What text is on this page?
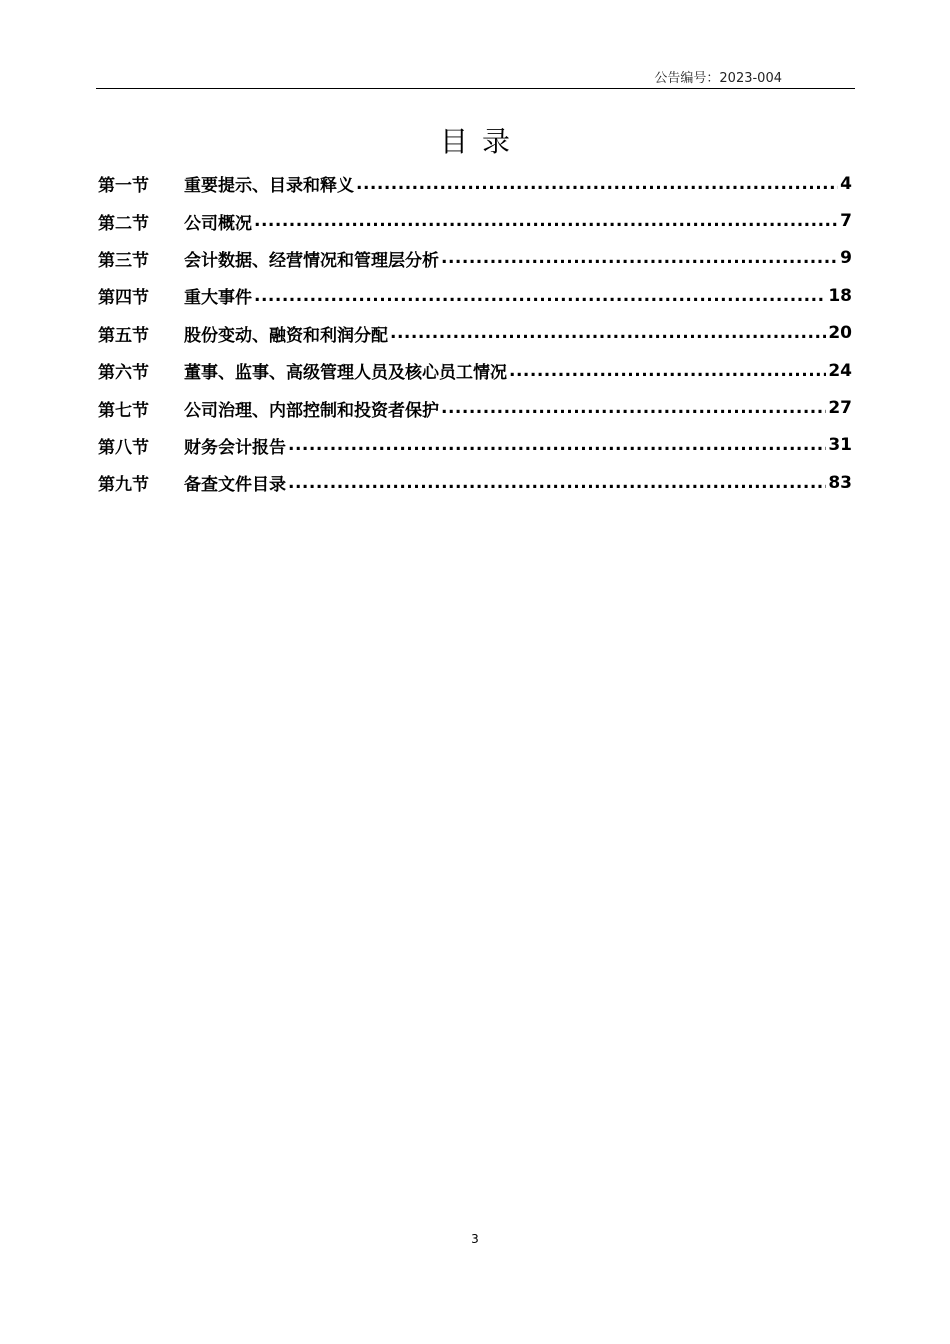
公告编号：2023-004
目录
第一节	重要提示、目录和释义 .....	4
第二节	公司概况 .....	7
第三节	会计数据、经营情况和管理层分析 .....	9
第四节	重大事件 .....	18
第五节	股份变动、融资和利润分配 .....	20
第六节	董事、监事、高级管理人员及核心员工情况 .....	24
第七节	公司治理、内部控制和投资者保护 .....	27
第八节	财务会计报告 .....	31
第九节	备查文件目录 .....	83
3
